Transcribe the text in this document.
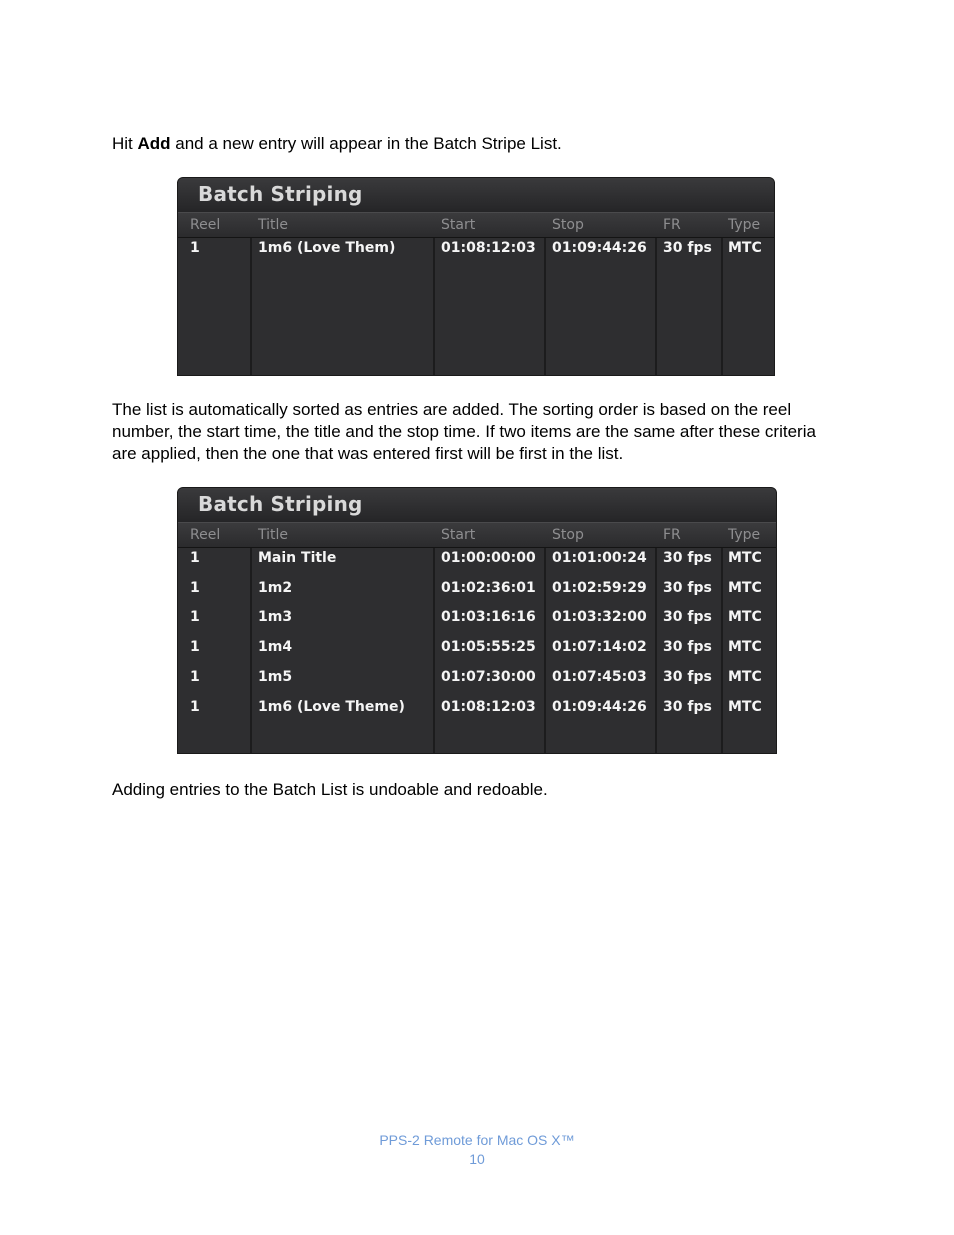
Hit Add and a new entry will appear in the Batch Stripe List.

Batch Striping
Reel	Title	Start	Stop	FR	Type
1	1m6 (Love Them)	01:08:12:03 01:09:44:26 30 fps MTC

The list is automatically sorted as entries are added. The sorting order is based on the reel number, the start time, the title and the stop time. If two items are the same after these criteria are applied, then the one that was entered first will be first in the list.

Batch Striping
Reel	Title	Start	Stop	FR	Type
1	Main Title	01:00:00:00 01:01:00:24 30 fps MTC
1	1m2	01:02:36:01 01:02:59:29 30 fps MTC
1	1m3	01:03:16:16 01:03:32:00 30 fps MTC
1	1m4	01:05:55:25 01:07:14:02 30 fps MTC
1	1m5	01:07:30:00 01:07:45:03 30 fps MTC
1	1m6 (Love Theme)	01:08:12:03 01:09:44:26 30 fps MTC

Adding entries to the Batch List is undoable and redoable.

PPS-2 Remote for Mac OS X™
10
